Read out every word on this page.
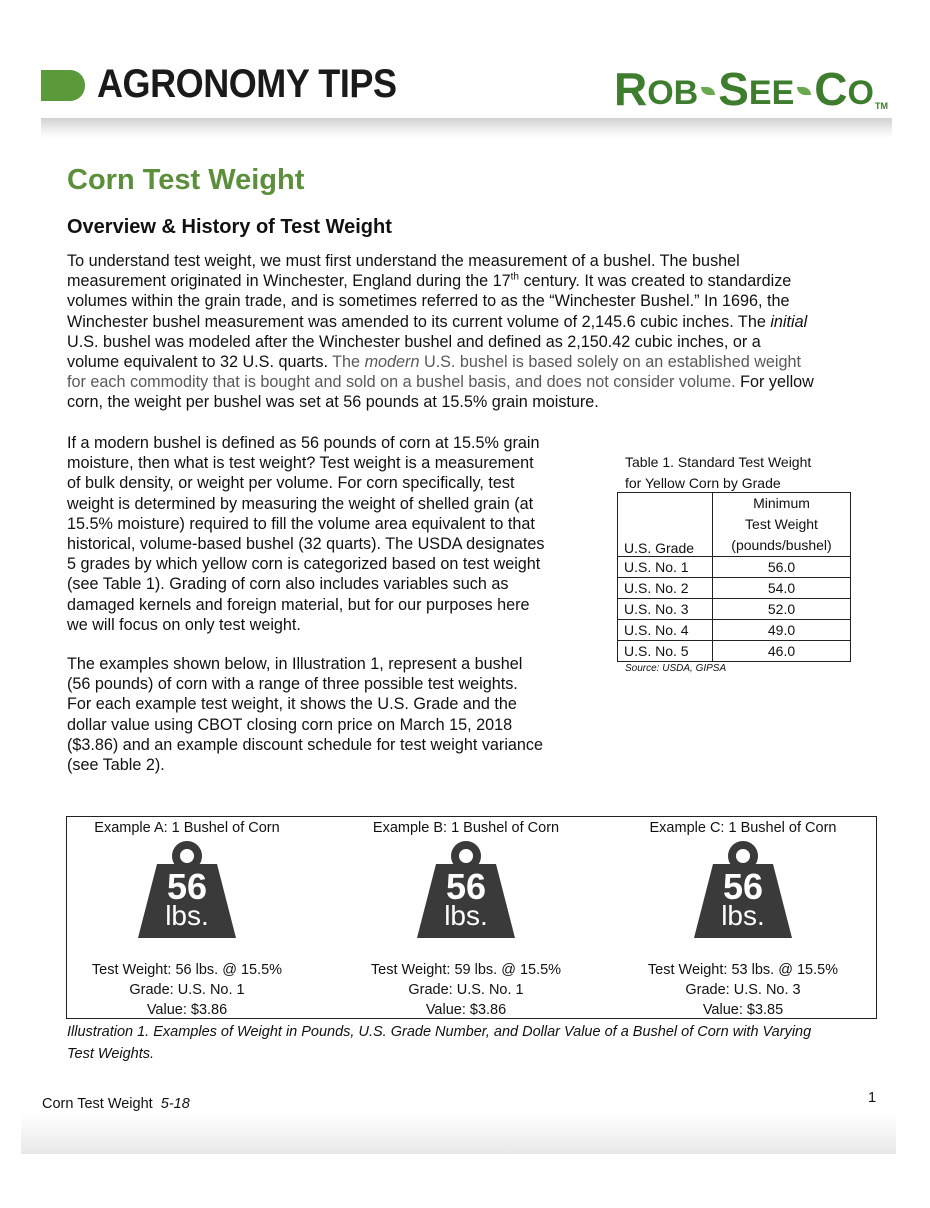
AGRONOMY TIPS	R OB S EE C O TM
Corn Test Weight
Overview & History of Test Weight
To understand test weight, we must first understand the measurement of a bushel. The bushel
measurement originated in Winchester, England during the 17th century. It was created to standardize
volumes within the grain trade, and is sometimes referred to as the “Winchester Bushel.” In 1696, the
Winchester bushel measurement was amended to its current volume of 2,145.6 cubic inches. The initial
U.S. bushel was modeled after the Winchester bushel and defined as 2,150.42 cubic inches, or a
volume equivalent to 32 U.S. quarts. The modern U.S. bushel is based solely on an established weight
for each commodity that is bought and sold on a bushel basis, and does not consider volume. For yellow
corn, the weight per bushel was set at 56 pounds at 15.5% grain moisture.
If a modern bushel is defined as 56 pounds of corn at 15.5% grain
moisture, then what is test weight? Test weight is a measurement
of bulk density, or weight per volume. For corn specifically, test
weight is determined by measuring the weight of shelled grain (at
15.5% moisture) required to fill the volume area equivalent to that
historical, volume-based bushel (32 quarts). The USDA designates
5 grades by which yellow corn is categorized based on test weight
(see Table 1). Grading of corn also includes variables such as
damaged kernels and foreign material, but for our purposes here
we will focus on only test weight.
The examples shown below, in Illustration 1, represent a bushel
(56 pounds) of corn with a range of three possible test weights.
For each example test weight, it shows the U.S. Grade and the
dollar value using CBOT closing corn price on March 15, 2018
($3.86) and an example discount schedule for test weight variance
(see Table 2).
Table 1. Standard Test Weight
for Yellow Corn by Grade
U.S. Grade	Minimum
Test Weight
(pounds/bushel)

U.S. No. 1	56.0
U.S. No. 2	54.0
U.S. No. 3	52.0
U.S. No. 4	49.0
U.S. No. 5	46.0
Source: USDA, GIPSA
Example A: 1 Bushel of Corn
56
lbs.
Test Weight: 56 lbs. @ 15.5%
Grade: U.S. No. 1
Value: $3.86
Example B: 1 Bushel of Corn
56
lbs.
Test Weight: 59 lbs. @ 15.5%
Grade: U.S. No. 1
Value: $3.86
Example C: 1 Bushel of Corn
56
lbs.
Test Weight: 53 lbs. @ 15.5%
Grade: U.S. No. 3
Value: $3.85
Illustration 1. Examples of Weight in Pounds, U.S. Grade Number, and Dollar Value of a Bushel of Corn with Varying
Test Weights.
Corn Test Weight 5-18	1
